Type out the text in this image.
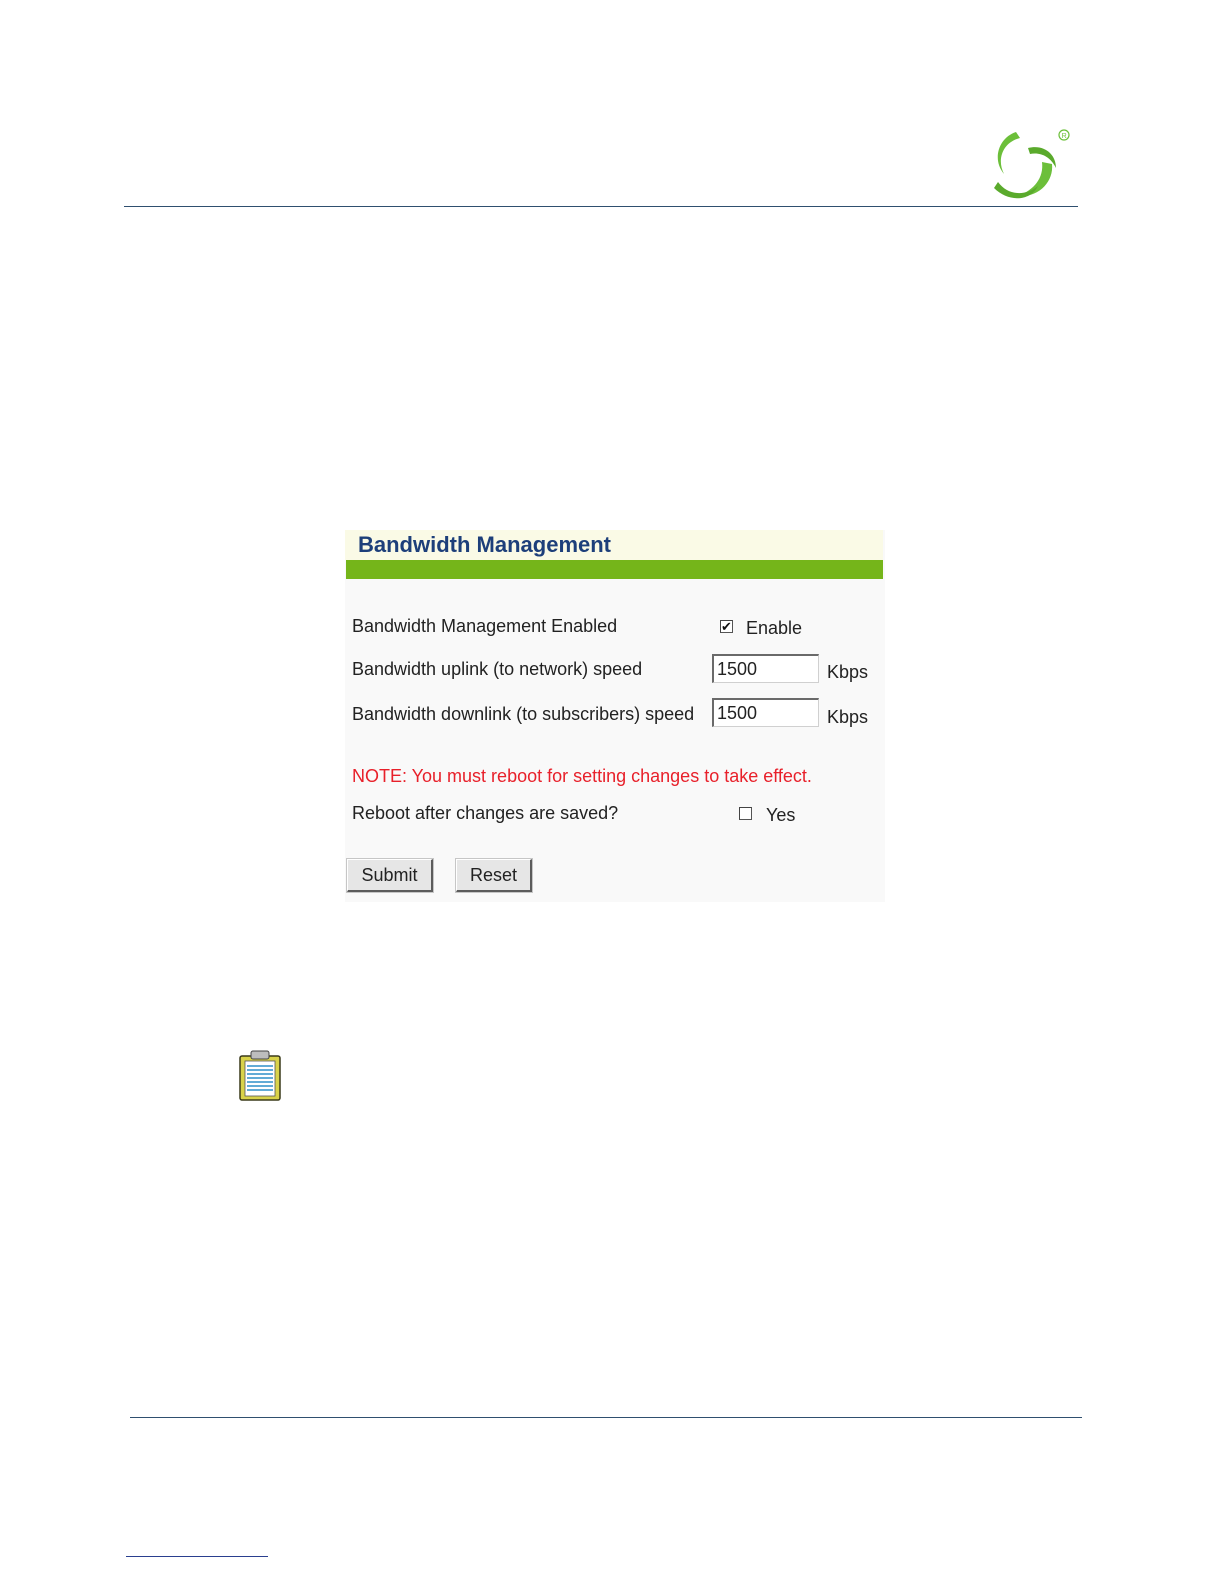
R
Bandwidth Management
Bandwidth Management Enabled	✔ Enable
Bandwidth uplink (to network) speed	1500	Kbps
Bandwidth downlink (to subscribers) speed 1500	Kbps
NOTE: You must reboot for setting changes to take effect.
Reboot after changes are saved?	Yes
Submit	Reset
